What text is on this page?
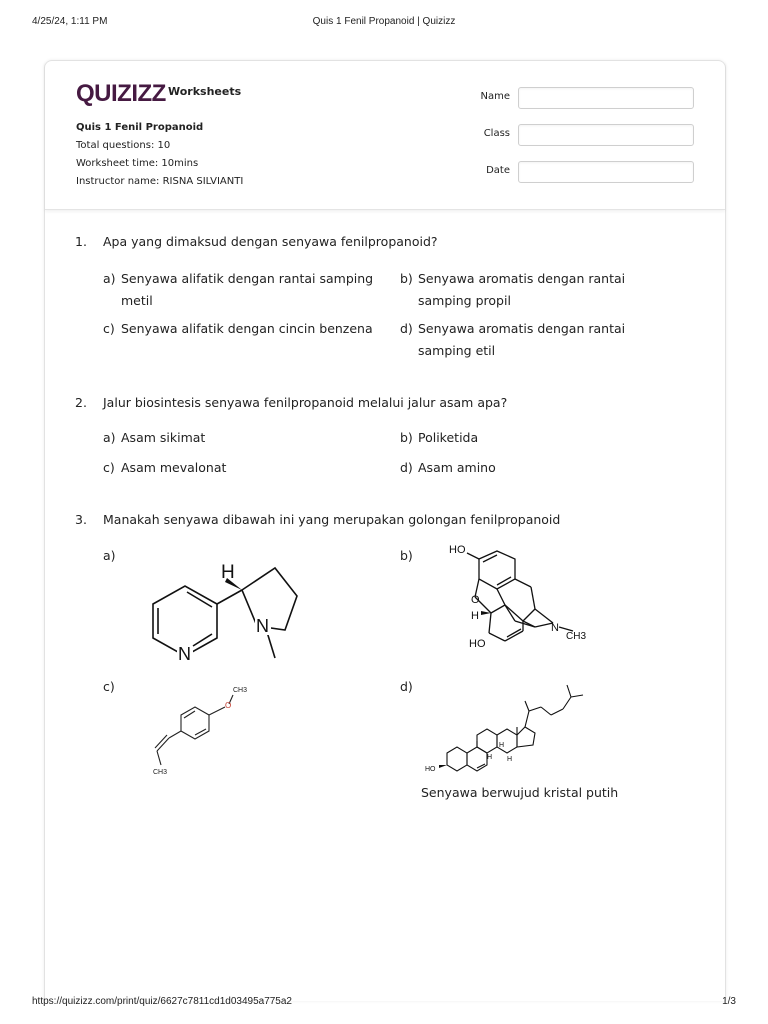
4/25/24, 1:11 PM	Quis 1 Fenil Propanoid | Quizizz
QUIZIZZ Worksheets
Quis 1 Fenil Propanoid
Total questions: 10
Worksheet time: 10mins
Instructor name: RISNA SILVIANTI
Name
Class
Date
1. Apa yang dimaksud dengan senyawa fenilpropanoid?
a) Senyawa alifatik dengan rantai samping metil
b) Senyawa aromatis dengan rantai samping propil
c) Senyawa alifatik dengan cincin benzena	d) Senyawa aromatis dengan rantai samping etil
2. Jalur biosintesis senyawa fenilpropanoid melalui jalur asam apa?
a) Asam sikimat	b) Poliketida
c) Asam mevalonat	d) Asam amino
3. Manakah senyawa dibawah ini yang merupakan golongan fenilpropanoid
a)
H
N
N
b)	HO
O
H
HO
N
CH3
c)	CH3
O
CH3
d)
HO
H
H H
Senyawa berwujud kristal putih
https://quizizz.com/print/quiz/6627c7811cd1d03495a775a2	1/3
